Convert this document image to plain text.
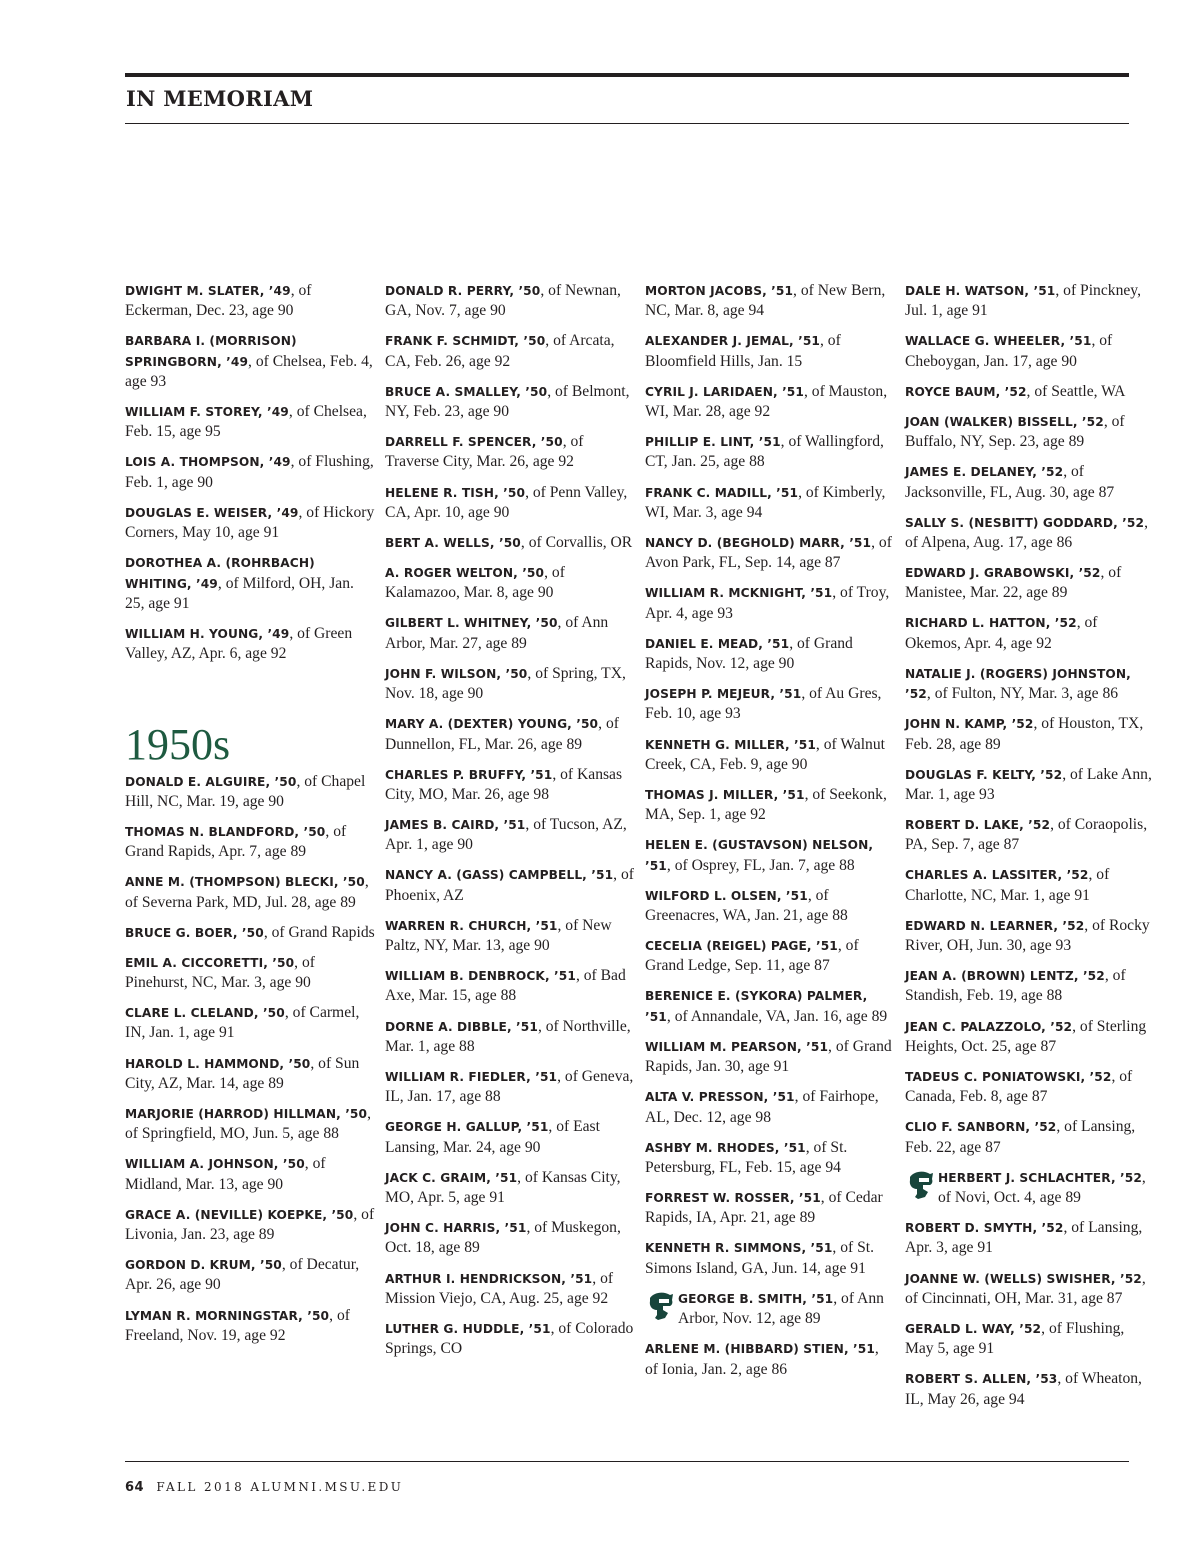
IN MEMORIAM

DWIGHT M. SLATER, ’49, of Eckerman, Dec. 23, age 90

BARBARA I. (MORRISON) SPRINGBORN, ’49, of Chelsea, Feb. 4, age 93

WILLIAM F. STOREY, ’49, of Chelsea, Feb. 15, age 95

LOIS A. THOMPSON, ’49, of Flushing, Feb. 1, age 90

DOUGLAS E. WEISER, ’49, of Hickory Corners, May 10, age 91

DOROTHEA A. (ROHRBACH) WHITING, ’49, of Milford, OH, Jan. 25, age 91

WILLIAM H. YOUNG, ’49, of Green Valley, AZ, Apr. 6, age 92

1950s

DONALD E. ALGUIRE, ’50, of Chapel Hill, NC, Mar. 19, age 90

THOMAS N. BLANDFORD, ’50, of Grand Rapids, Apr. 7, age 89

ANNE M. (THOMPSON) BLECKI, ’50, of Severna Park, MD, Jul. 28, age 89

BRUCE G. BOER, ’50, of Grand Rapids

EMIL A. CICCORETTI, ’50, of Pinehurst, NC, Mar. 3, age 90

CLARE L. CLELAND, ’50, of Carmel, IN, Jan. 1, age 91

HAROLD L. HAMMOND, ’50, of Sun City, AZ, Mar. 14, age 89

MARJORIE (HARROD) HILLMAN, ’50, of Springfield, MO, Jun. 5, age 88

WILLIAM A. JOHNSON, ’50, of Midland, Mar. 13, age 90

GRACE A. (NEVILLE) KOEPKE, ’50, of Livonia, Jan. 23, age 89

GORDON D. KRUM, ’50, of Decatur, Apr. 26, age 90

LYMAN R. MORNINGSTAR, ’50, of Freeland, Nov. 19, age 92

DONALD R. PERRY, ’50, of Newnan, GA, Nov. 7, age 90

FRANK F. SCHMIDT, ’50, of Arcata, CA, Feb. 26, age 92

BRUCE A. SMALLEY, ’50, of Belmont, NY, Feb. 23, age 90

DARRELL F. SPENCER, ’50, of Traverse City, Mar. 26, age 92

HELENE R. TISH, ’50, of Penn Valley, CA, Apr. 10, age 90

BERT A. WELLS, ’50, of Corvallis, OR

A. ROGER WELTON, ’50, of Kalamazoo, Mar. 8, age 90

GILBERT L. WHITNEY, ’50, of Ann Arbor, Mar. 27, age 89

JOHN F. WILSON, ’50, of Spring, TX, Nov. 18, age 90

MARY A. (DEXTER) YOUNG, ’50, of Dunnellon, FL, Mar. 26, age 89

CHARLES P. BRUFFY, ’51, of Kansas City, MO, Mar. 26, age 98

JAMES B. CAIRD, ’51, of Tucson, AZ, Apr. 1, age 90

NANCY A. (GASS) CAMPBELL, ’51, of Phoenix, AZ

WARREN R. CHURCH, ’51, of New Paltz, NY, Mar. 13, age 90

WILLIAM B. DENBROCK, ’51, of Bad Axe, Mar. 15, age 88

DORNE A. DIBBLE, ’51, of Northville, Mar. 1, age 88

WILLIAM R. FIEDLER, ’51, of Geneva, IL, Jan. 17, age 88

GEORGE H. GALLUP, ’51, of East Lansing, Mar. 24, age 90

JACK C. GRAIM, ’51, of Kansas City, MO, Apr. 5, age 91

JOHN C. HARRIS, ’51, of Muskegon, Oct. 18, age 89

ARTHUR I. HENDRICKSON, ’51, of Mission Viejo, CA, Aug. 25, age 92

LUTHER G. HUDDLE, ’51, of Colorado Springs, CO

MORTON JACOBS, ’51, of New Bern, NC, Mar. 8, age 94

ALEXANDER J. JEMAL, ’51, of Bloomfield Hills, Jan. 15

CYRIL J. LARIDAEN, ’51, of Mauston, WI, Mar. 28, age 92

PHILLIP E. LINT, ’51, of Wallingford, CT, Jan. 25, age 88

FRANK C. MADILL, ’51, of Kimberly, WI, Mar. 3, age 94

NANCY D. (BEGHOLD) MARR, ’51, of Avon Park, FL, Sep. 14, age 87

WILLIAM R. MCKNIGHT, ’51, of Troy, Apr. 4, age 93

DANIEL E. MEAD, ’51, of Grand Rapids, Nov. 12, age 90

JOSEPH P. MEJEUR, ’51, of Au Gres, Feb. 10, age 93

KENNETH G. MILLER, ’51, of Walnut Creek, CA, Feb. 9, age 90

THOMAS J. MILLER, ’51, of Seekonk, MA, Sep. 1, age 92

HELEN E. (GUSTAVSON) NELSON, ’51, of Osprey, FL, Jan. 7, age 88

WILFORD L. OLSEN, ’51, of Greenacres, WA, Jan. 21, age 88

CECELIA (REIGEL) PAGE, ’51, of Grand Ledge, Sep. 11, age 87

BERENICE E. (SYKORA) PALMER, ’51, of Annandale, VA, Jan. 16, age 89

WILLIAM M. PEARSON, ’51, of Grand Rapids, Jan. 30, age 91

ALTA V. PRESSON, ’51, of Fairhope, AL, Dec. 12, age 98

ASHBY M. RHODES, ’51, of St. Petersburg, FL, Feb. 15, age 94

FORREST W. ROSSER, ’51, of Cedar Rapids, IA, Apr. 21, age 89

KENNETH R. SIMMONS, ’51, of St. Simons Island, GA, Jun. 14, age 91

GEORGE B. SMITH, ’51, of Ann Arbor, Nov. 12, age 89

ARLENE M. (HIBBARD) STIEN, ’51, of Ionia, Jan. 2, age 86

DALE H. WATSON, ’51, of Pinckney, Jul. 1, age 91

WALLACE G. WHEELER, ’51, of Cheboygan, Jan. 17, age 90

ROYCE BAUM, ’52, of Seattle, WA

JOAN (WALKER) BISSELL, ’52, of Buffalo, NY, Sep. 23, age 89

JAMES E. DELANEY, ’52, of Jacksonville, FL, Aug. 30, age 87

SALLY S. (NESBITT) GODDARD, ’52, of Alpena, Aug. 17, age 86

EDWARD J. GRABOWSKI, ’52, of Manistee, Mar. 22, age 89

RICHARD L. HATTON, ’52, of Okemos, Apr. 4, age 92

NATALIE J. (ROGERS) JOHNSTON, ’52, of Fulton, NY, Mar. 3, age 86

JOHN N. KAMP, ’52, of Houston, TX, Feb. 28, age 89

DOUGLAS F. KELTY, ’52, of Lake Ann, Mar. 1, age 93

ROBERT D. LAKE, ’52, of Coraopolis, PA, Sep. 7, age 87

CHARLES A. LASSITER, ’52, of Charlotte, NC, Mar. 1, age 91

EDWARD N. LEARNER, ’52, of Rocky River, OH, Jun. 30, age 93

JEAN A. (BROWN) LENTZ, ’52, of Standish, Feb. 19, age 88

JEAN C. PALAZZOLO, ’52, of Sterling Heights, Oct. 25, age 87

TADEUS C. PONIATOWSKI, ’52, of Canada, Feb. 8, age 87

CLIO F. SANBORN, ’52, of Lansing, Feb. 22, age 87

HERBERT J. SCHLACHTER, ’52, of Novi, Oct. 4, age 89

ROBERT D. SMYTH, ’52, of Lansing, Apr. 3, age 91

JOANNE W. (WELLS) SWISHER, ’52, of Cincinnati, OH, Mar. 31, age 87

GERALD L. WAY, ’52, of Flushing, May 5, age 91

ROBERT S. ALLEN, ’53, of Wheaton, IL, May 26, age 94

64 FALL 2018 ALUMNI.MSU.EDU
